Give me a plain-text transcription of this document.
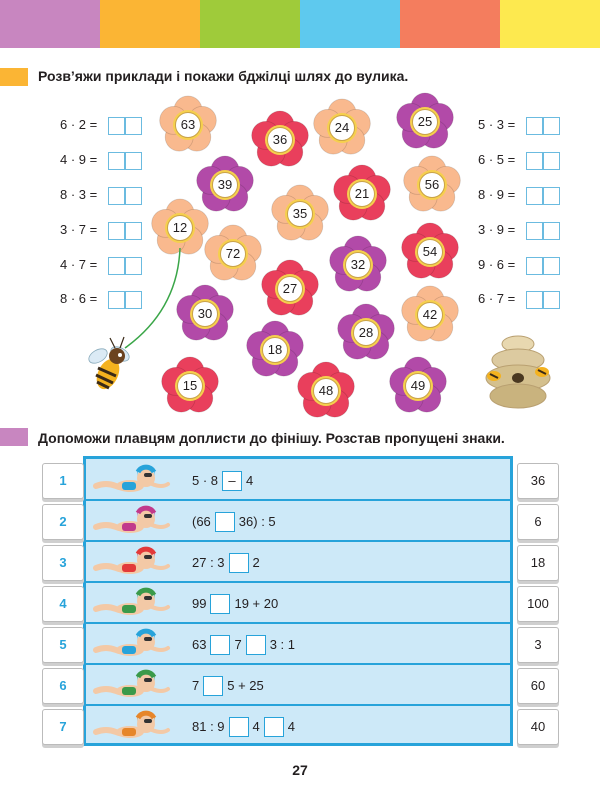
Розв’яжи приклади і покажи бджілці шлях до вулика.
6 · 2 =
4 · 9 =
8 · 3 =
3 · 7 =
4 · 7 =
8 · 6 =
5 · 3 =
6 · 5 =
8 · 9 =
3 · 9 =
9 · 6 =
6 · 7 =
63
36
24	25
39
21
56
12
35
72
32
54
27
30
28
42
18
15	48	49
Допоможи плавцям доплисти до фінішу. Розстав пропущені знаки.
1	5 · 8 – 4	36
2	(66 36) : 5	6
3	27 : 3 2	18
4	99 19 + 20	100
5	63 7 3 : 1	3
6	7 5 + 25	60
7	81 : 9 4 4	40
27
